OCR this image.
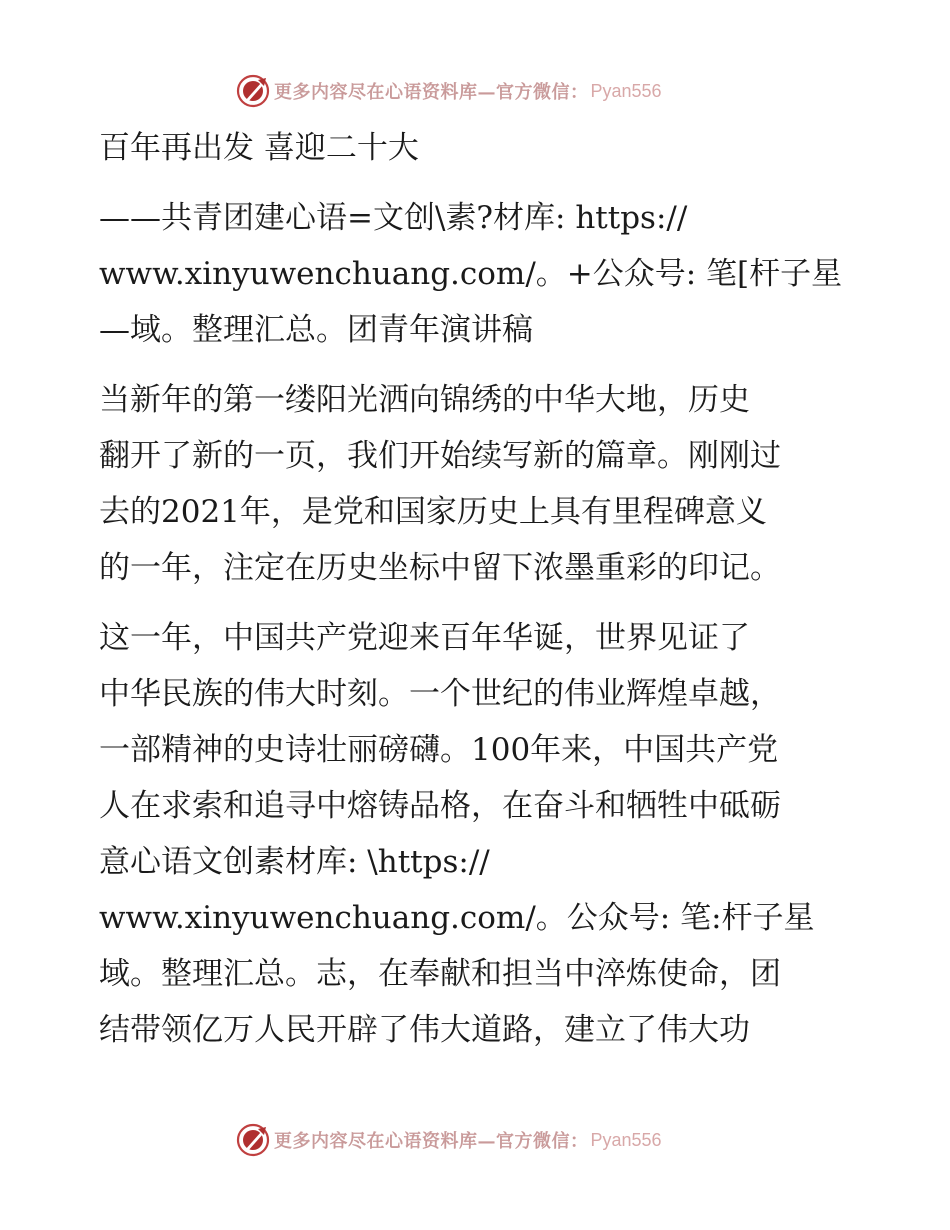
更多内容尽在心语资料库—官方微信： Pyan556
百年再出发 喜迎二十大
——共青团建心语=文创\素?材库: https://
www.xinyuwenchuang.com/。+公众号: 笔[杆子星
—域。整理汇总。团青年演讲稿
当新年的第一缕阳光洒向锦绣的中华大地，历史
翻开了新的一页，我们开始续写新的篇章。刚刚过
去的2021年，是党和国家历史上具有里程碑意义
的一年，注定在历史坐标中留下浓墨重彩的印记。
这一年，中国共产党迎来百年华诞，世界见证了
中华民族的伟大时刻。一个世纪的伟业辉煌卓越，
一部精神的史诗壮丽磅礴。100年来，中国共产党
人在求索和追寻中熔铸品格，在奋斗和牺牲中砥砺
意心语文创素材库: \https://
www.xinyuwenchuang.com/。公众号: 笔:杆子星
域。整理汇总。志，在奉献和担当中淬炼使命，团
结带领亿万人民开辟了伟大道路，建立了伟大功
更多内容尽在心语资料库—官方微信： Pyan556
